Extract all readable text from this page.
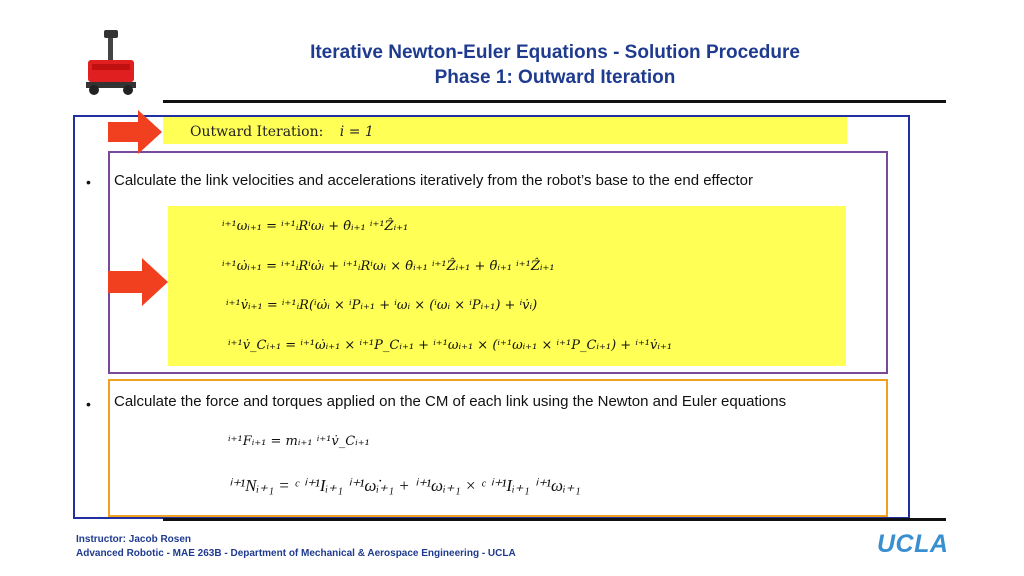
Iterative Newton-Euler Equations - Solution Procedure
Phase 1: Outward Iteration
Outward Iteration: i = 1
• Calculate the link velocities and accelerations iteratively from the robot’s base to the end effector
ⁱ⁺¹ωᵢ₊₁ = ⁱ⁺¹ᵢRⁱωᵢ + θ̇ᵢ₊₁ ⁱ⁺¹Ẑᵢ₊₁
ⁱ⁺¹ω̇ᵢ₊₁ = ⁱ⁺¹ᵢRⁱω̇ᵢ + ⁱ⁺¹ᵢRⁱωᵢ × θ̇ᵢ₊₁ ⁱ⁺¹Ẑᵢ₊₁ + θ̈ᵢ₊₁ ⁱ⁺¹Ẑᵢ₊₁
ⁱ⁺¹v̇ᵢ₊₁ = ⁱ⁺¹ᵢR(ⁱω̇ᵢ × ⁱPᵢ₊₁ + ⁱωᵢ × (ⁱωᵢ × ⁱPᵢ₊₁) + ⁱv̇ᵢ)
ⁱ⁺¹v̇_Cᵢ₊₁ = ⁱ⁺¹ω̇ᵢ₊₁ × ⁱ⁺¹P_Cᵢ₊₁ + ⁱ⁺¹ωᵢ₊₁ × (ⁱ⁺¹ωᵢ₊₁ × ⁱ⁺¹P_Cᵢ₊₁) + ⁱ⁺¹v̇ᵢ₊₁
• Calculate the force and torques applied on the CM of each link using the Newton and Euler equations
ⁱ⁺¹Fᵢ₊₁ = mᵢ₊₁ ⁱ⁺¹v̇_Cᵢ₊₁
ⁱ⁺¹Nᵢ₊₁ = ᶜ ⁱ⁺¹Iᵢ₊₁ ⁱ⁺¹ω̇ᵢ₊₁ + ⁱ⁺¹ωᵢ₊₁ × ᶜ ⁱ⁺¹Iᵢ₊₁ ⁱ⁺¹ωᵢ₊₁
Instructor: Jacob Rosen
Advanced Robotic - MAE 263B - Department of Mechanical & Aerospace Engineering - UCLA	UCLA
